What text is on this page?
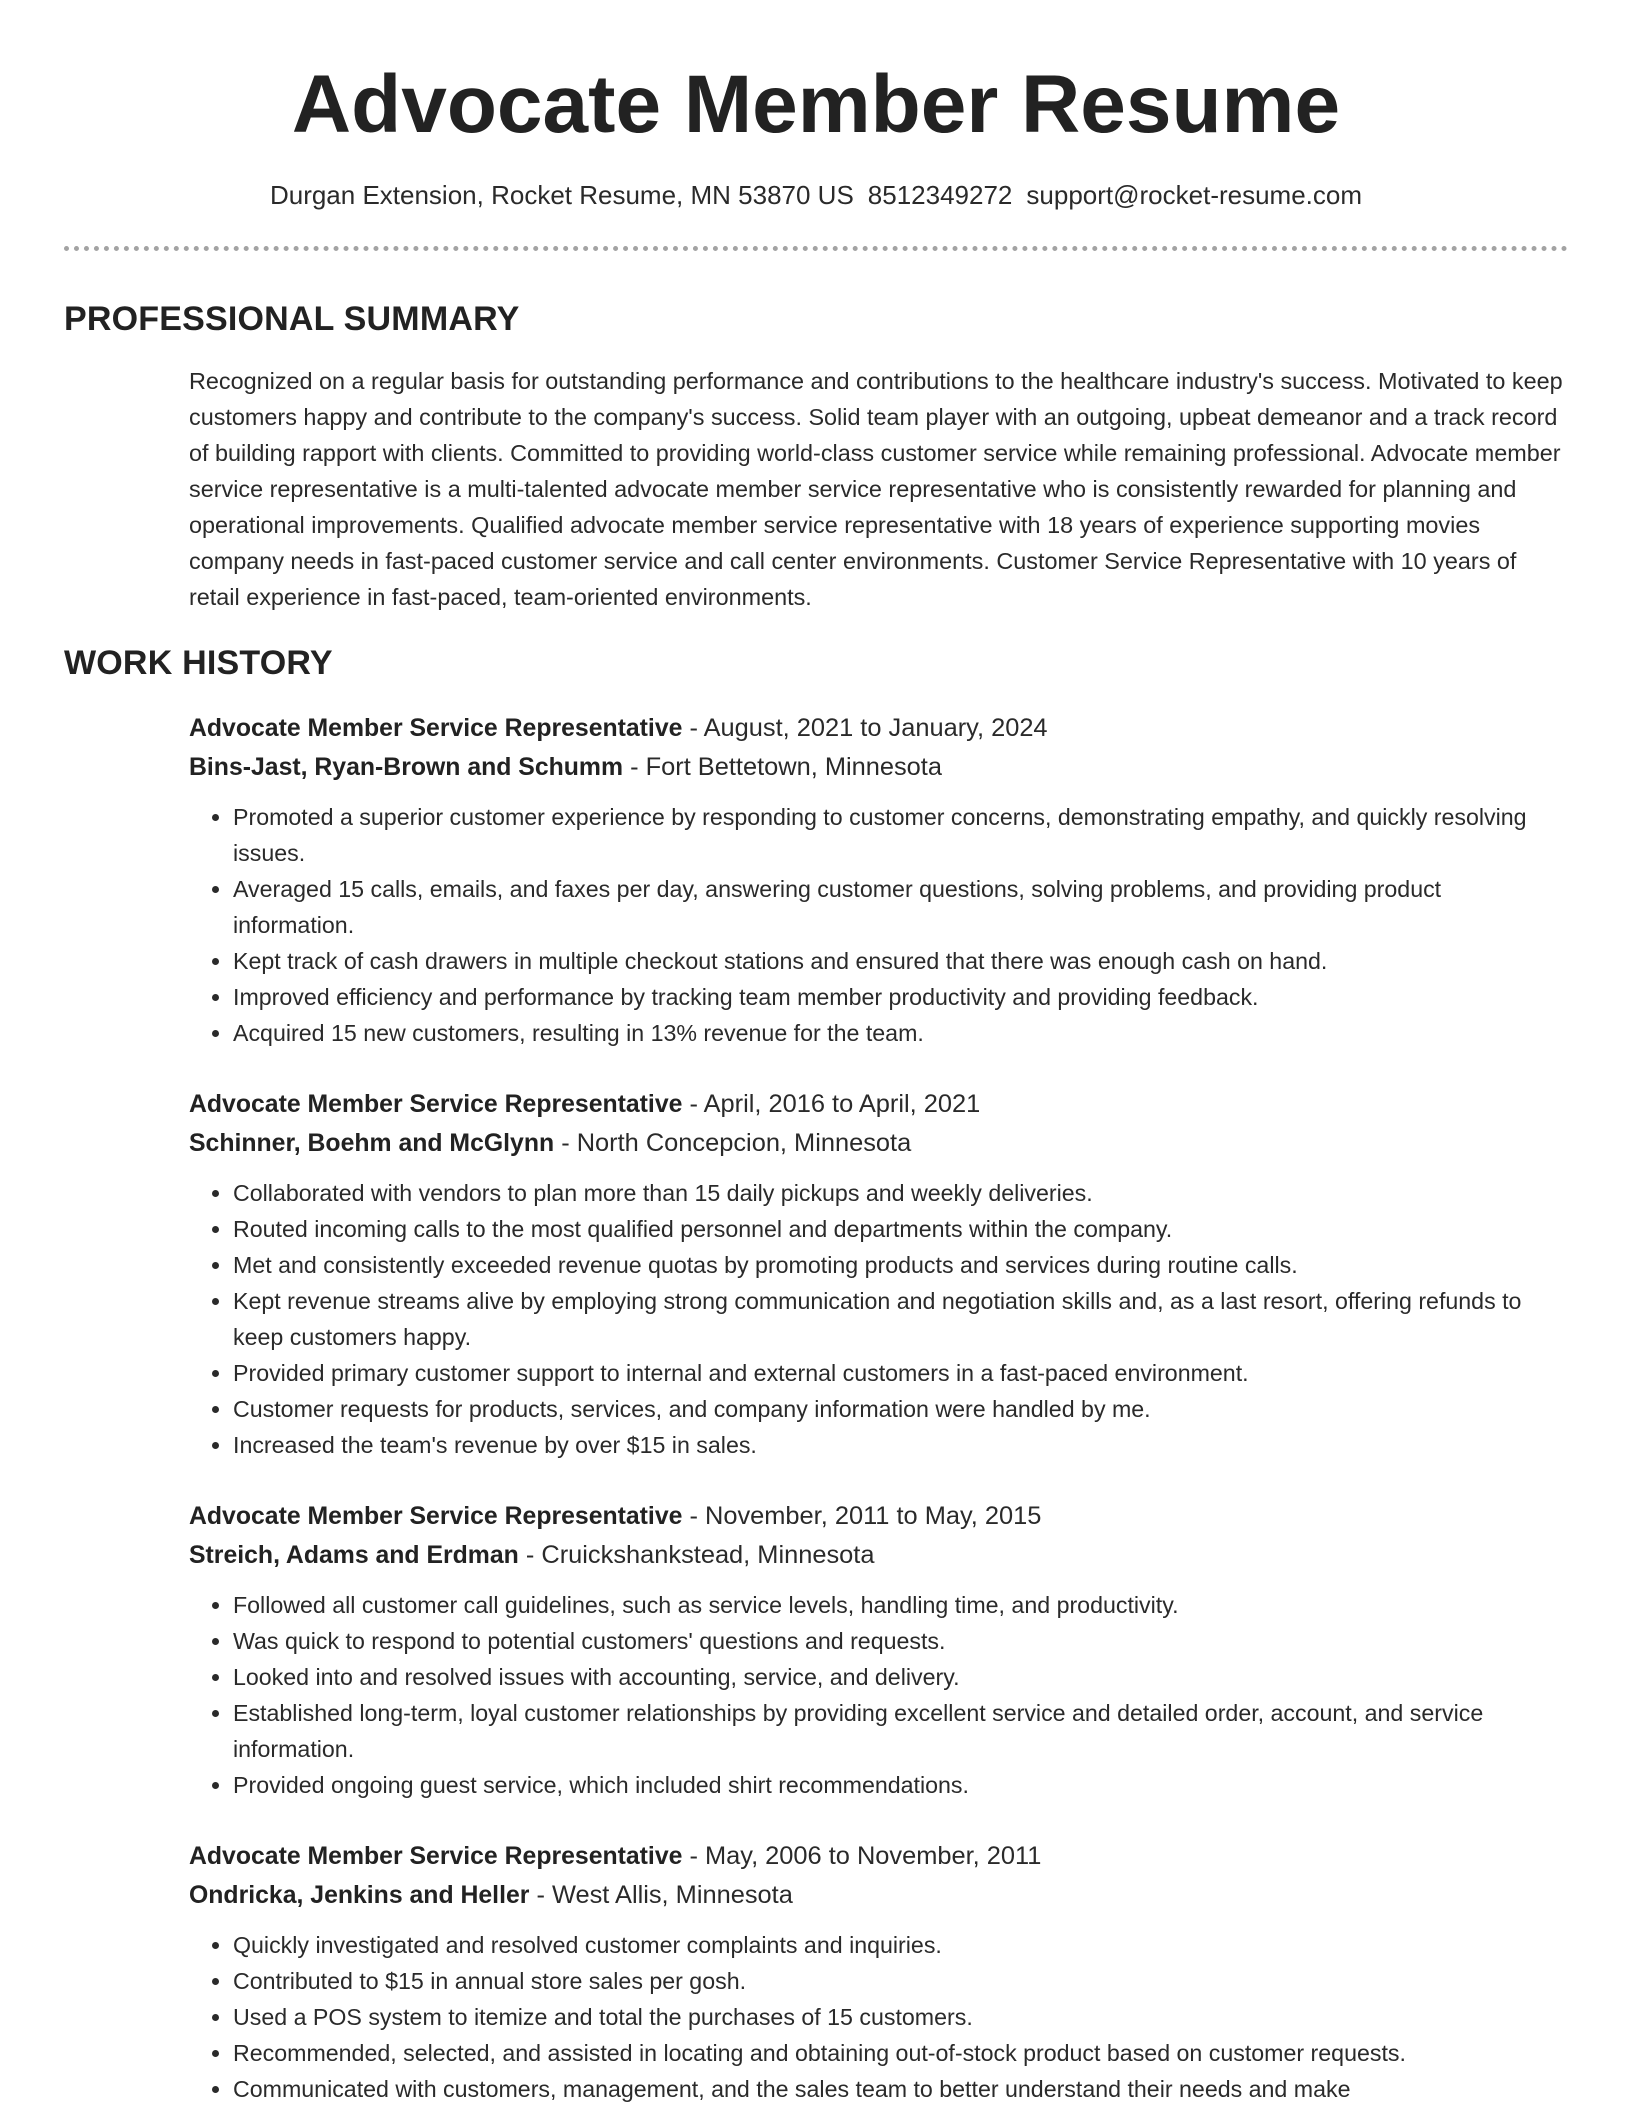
Advocate Member Resume
Durgan Extension, Rocket Resume, MN 53870 US 8512349272 support@rocket-resume.com
PROFESSIONAL SUMMARY
Recognized on a regular basis for outstanding performance and contributions to the healthcare industry's success. Motivated to keep customers happy and contribute to the company's success. Solid team player with an outgoing, upbeat demeanor and a track record of building rapport with clients. Committed to providing world-class customer service while remaining professional. Advocate member service representative is a multi-talented advocate member service representative who is consistently rewarded for planning and operational improvements. Qualified advocate member service representative with 18 years of experience supporting movies company needs in fast-paced customer service and call center environments. Customer Service Representative with 10 years of retail experience in fast-paced, team-oriented environments.
WORK HISTORY
Advocate Member Service Representative - August, 2021 to January, 2024
Bins-Jast, Ryan-Brown and Schumm - Fort Bettetown, Minnesota
• Promoted a superior customer experience by responding to customer concerns, demonstrating empathy, and quickly resolving issues.
• Averaged 15 calls, emails, and faxes per day, answering customer questions, solving problems, and providing product information.
• Kept track of cash drawers in multiple checkout stations and ensured that there was enough cash on hand.
• Improved efficiency and performance by tracking team member productivity and providing feedback.
• Acquired 15 new customers, resulting in 13% revenue for the team.
Advocate Member Service Representative - April, 2016 to April, 2021
Schinner, Boehm and McGlynn - North Concepcion, Minnesota
• Collaborated with vendors to plan more than 15 daily pickups and weekly deliveries.
• Routed incoming calls to the most qualified personnel and departments within the company.
• Met and consistently exceeded revenue quotas by promoting products and services during routine calls.
• Kept revenue streams alive by employing strong communication and negotiation skills and, as a last resort, offering refunds to keep customers happy.
• Provided primary customer support to internal and external customers in a fast-paced environment.
• Customer requests for products, services, and company information were handled by me.
• Increased the team's revenue by over $15 in sales.
Advocate Member Service Representative - November, 2011 to May, 2015
Streich, Adams and Erdman - Cruickshankstead, Minnesota
• Followed all customer call guidelines, such as service levels, handling time, and productivity.
• Was quick to respond to potential customers' questions and requests.
• Looked into and resolved issues with accounting, service, and delivery.
• Established long-term, loyal customer relationships by providing excellent service and detailed order, account, and service information.
• Provided ongoing guest service, which included shirt recommendations.
Advocate Member Service Representative - May, 2006 to November, 2011
Ondricka, Jenkins and Heller - West Allis, Minnesota
• Quickly investigated and resolved customer complaints and inquiries.
• Contributed to $15 in annual store sales per gosh.
• Used a POS system to itemize and total the purchases of 15 customers.
• Recommended, selected, and assisted in locating and obtaining out-of-stock product based on customer requests.
• Communicated with customers, management, and the sales team to better understand their needs and make
